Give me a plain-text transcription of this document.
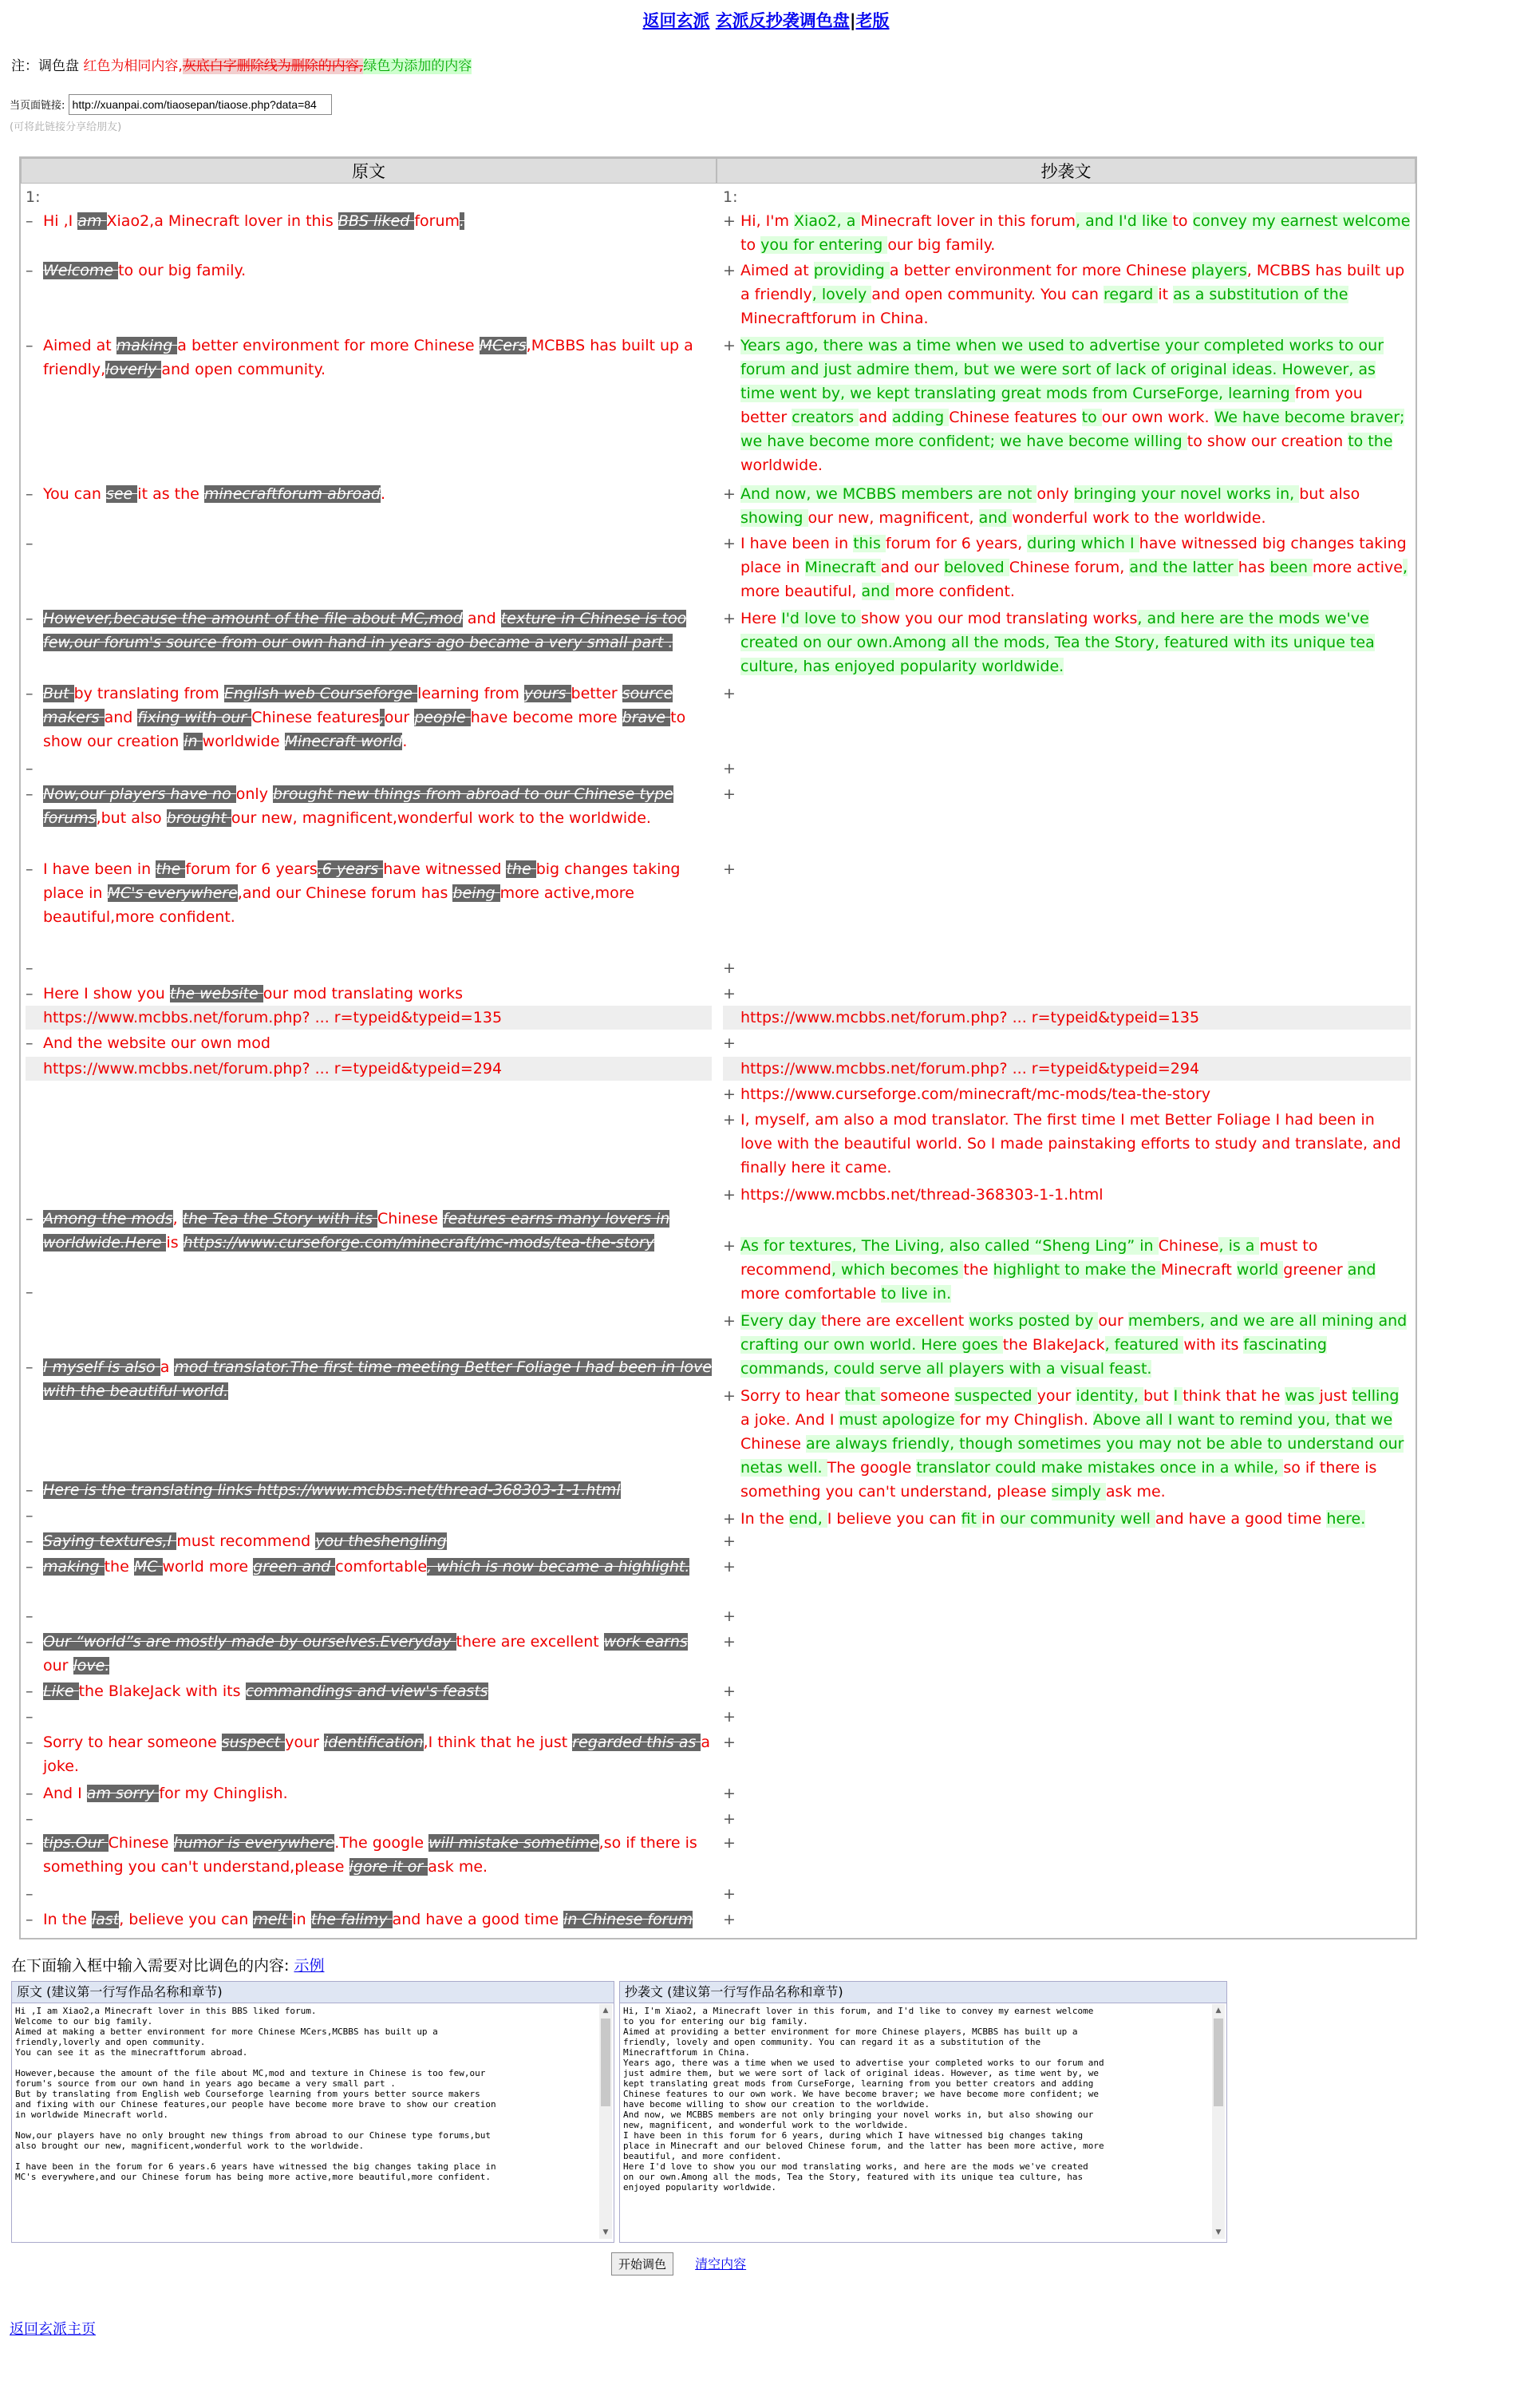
返回玄派 玄派反抄袭调色盘|老版
注：调色盘 红色为相同内容,灰底白字删除线为删除的内容,绿色为添加的内容
当页面链接: http://xuanpai.com/tiaosepan/tiaose.php?data=84
(可将此链接分享给朋友)
原文	抄袭文
1:
– Hi ,I am Xiao2,a Minecraft lover in this BBS liked forum.
– Welcome to our big family.
– Aimed at making a better environment for more Chinese MCers,MCBBS has built up a friendly,loverly and open community.
– You can see it as the minecraftforum abroad.
–
– However,because the amount of the file about MC,mod and texture in Chinese is too few,our forum's source from our own hand in years ago became a very small part .
– But by translating from English web Courseforge learning from yours better source makers and fixing with our Chinese features,our people have become more brave to show our creation in worldwide Minecraft world.
–
– Now,our players have no only brought new things from abroad to our Chinese type forums,but also brought our new, magnificent,wonderful work to the worldwide.
– I have been in the forum for 6 years.6 years have witnessed the big changes taking place in MC's everywhere,and our Chinese forum has being more active,more beautiful,more confident.
–
– Here I show you the website our mod translating works
https://www.mcbbs.net/forum.php? ... r=typeid&typeid=135
– And the website our own mod
https://www.mcbbs.net/forum.php? ... r=typeid&typeid=294
– Among the mods, the Tea the Story with its Chinese features earns many lovers in worldwide.Here is https://www.curseforge.com/minecraft/mc-mods/tea-the-story
–
– I myself is also a mod translator.The first time meeting Better Foliage I had been in love with the beautiful world.
– Here is the translating links https://www.mcbbs.net/thread-368303-1-1.html
–
– Saying textures,I must recommend you theshengling
– making the MC world more green and comfortable, which is now became a highlight.
–
– Our “world”s are mostly made by ourselves.Everyday there are excellent work earns our love.
– Like the BlakeJack with its commandings and view's feasts
–
– Sorry to hear someone suspect your identification,I think that he just regarded this as a joke.
– And I am sorry for my Chinglish.
–
– tips.Our Chinese humor is everywhere.The google will mistake sometime,so if there is something you can't understand,please igore it or ask me.
–
– In the last, believe you can melt in the falimy and have a good time in Chinese forum
1:
+ Hi, I'm Xiao2, a Minecraft lover in this forum, and I'd like to convey my earnest welcome to you for entering our big family.
+ Aimed at providing a better environment for more Chinese players, MCBBS has built up a friendly, lovely and open community. You can regard it as a substitution of the Minecraftforum in China.
+ Years ago, there was a time when we used to advertise your completed works to our forum and just admire them, but we were sort of lack of original ideas. However, as time went by, we kept translating great mods from CurseForge, learning from you better creators and adding Chinese features to our own work. We have become braver; we have become more confident; we have become willing to show our creation to the worldwide.
+ And now, we MCBBS members are not only bringing your novel works in, but also showing our new, magnificent, and wonderful work to the worldwide.
+ I have been in this forum for 6 years, during which I have witnessed big changes taking place in Minecraft and our beloved Chinese forum, and the latter has been more active, more beautiful, and more confident.
+ Here I'd love to show you our mod translating works, and here are the mods we've created on our own.Among all the mods, Tea the Story, featured with its unique tea culture, has enjoyed popularity worldwide.
+
+
+
+
+
+
https://www.mcbbs.net/forum.php? ... r=typeid&typeid=135
+
https://www.mcbbs.net/forum.php? ... r=typeid&typeid=294
+ https://www.curseforge.com/minecraft/mc-mods/tea-the-story
+ I, myself, am also a mod translator. The first time I met Better Foliage I had been in love with the beautiful world. So I made painstaking efforts to study and translate, and finally here it came.
+ https://www.mcbbs.net/thread-368303-1-1.html
+ As for textures, The Living, also called “Sheng Ling” in Chinese, is a must to recommend, which becomes the highlight to make the Minecraft world greener and more comfortable to live in.
+ Every day there are excellent works posted by our members, and we are all mining and crafting our own world. Here goes the BlakeJack, featured with its fascinating commands, could serve all players with a visual feast.
+ Sorry to hear that someone suspected your identity, but I think that he was just telling a joke. And I must apologize for my Chinglish. Above all I want to remind you, that we Chinese are always friendly, though sometimes you may not be able to understand our netas well. The google translator could make mistakes once in a while, so if there is something you can't understand, please simply ask me.
+ In the end, I believe you can fit in our community well and have a good time here.
+
+
+
+
+
+
+
+
+
+
+
+
在下面输入框中输入需要对比调色的内容: 示例
原文 (建议第一行写作品名称和章节)
Hi ,I am Xiao2,a Minecraft lover in this BBS liked forum. Welcome to our big family. Aimed at making a better environment for more Chinese MCers,MCBBS has built up a friendly,loverly and open community. You can see it as the minecraftforum abroad. However,because the amount of the file about MC,mod and texture in Chinese is too few,our forum's source from our own hand in years ago became a very small part . But by translating from English web Courseforge learning from yours better source makers and fixing with our Chinese features,our people have become more brave to show our creation in worldwide Minecraft world. Now,our players have no only brought new things from abroad to our Chinese type forums,but also brought our new, magnificent,wonderful work to the worldwide. I have been in the forum for 6 years.6 years have witnessed the big changes taking place in MC's everywhere,and our Chinese forum has being more active,more beautiful,more confident.
▲
▼
抄袭文 (建议第一行写作品名称和章节)
Hi, I'm Xiao2, a Minecraft lover in this forum, and I'd like to convey my earnest welcome to you for entering our big family. Aimed at providing a better environment for more Chinese players, MCBBS has built up a friendly, lovely and open community. You can regard it as a substitution of the Minecraftforum in China. Years ago, there was a time when we used to advertise your completed works to our forum and just admire them, but we were sort of lack of original ideas. However, as time went by, we kept translating great mods from CurseForge, learning from you better creators and adding Chinese features to our own work. We have become braver; we have become more confident; we have become willing to show our creation to the worldwide. And now, we MCBBS members are not only bringing your novel works in, but also showing our new, magnificent, and wonderful work to the worldwide. I have been in this forum for 6 years, during which I have witnessed big changes taking place in Minecraft and our beloved Chinese forum, and the latter has been more active, more beautiful, and more confident. Here I'd love to show you our mod translating works, and here are the mods we've created on our own.Among all the mods, Tea the Story, featured with its unique tea culture, has enjoyed popularity worldwide.
▲
▼
开始调色 清空内容
返回玄派主页
